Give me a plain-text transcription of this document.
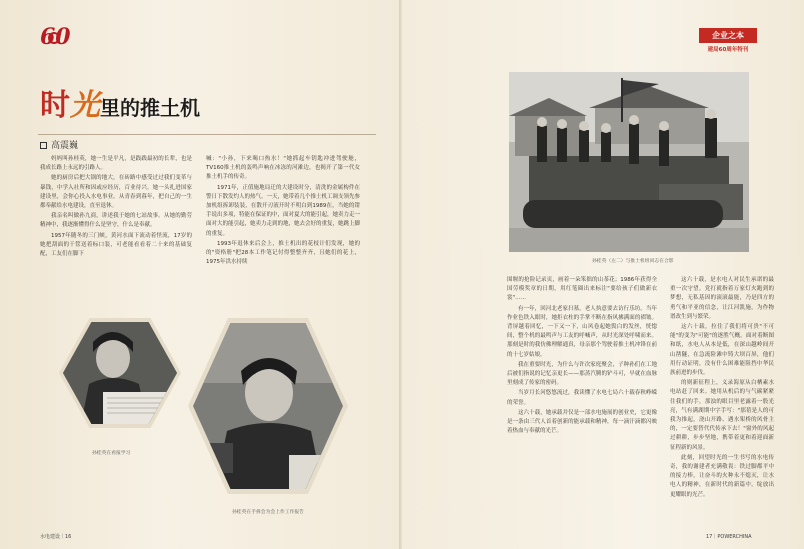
60
时光里的推土机
高震巍

妈妈叫孙桂英，她一生是平凡，是践践最初的长辈，也是我成长路上永远的引路人。

她的厨房后把大锅的地大，在砖路中感受过过我们变革与暴钱，中学入社所和因或应经历，百业待兴。她一头扎进国家建设里，会你心投入水电事业。从青春到暮年，把自己的一生都奉献给水电建设，直至退休。

我亲名叫做孙九商，讲述我于她的七站故事。从她的勤劳精神中，我逐渐懂得什么是坚守，什么是奉献。

1957年随冬的三门峡，黄河水面下流动着怪流，17岁的她把刮面的干筐送着标口装，可老能看看着二十来的基础复配，工友们在脚下

喊："小孙，下来喝口热水！"她抓起车钥匙冲进驾驶舱，TV160推土机的轰鸣声响在冰冻的河滩边，也揭开了第一代女推土机手的传奇。

1971年，正值施地局迁的大建设时分，清洗的金属构件在警日下散发灼人的热气。一天，她带着几个推土机工调支领先参加机组拆卸装装，在散开刃液开时不明白到1989在，当她的钳手说出多项，特能在保证的中，面对夏大的能引起，她卖力走一面对大的能引起，她卖力走到的地，她去会好的重复，她跳上脚的重复。

1993年退休来后会上，推土机出的花枝计们发现，她的的"资格册"把28本工作笔记付得整整齐齐，且她们的花上，1975年洪水持续

孙桂英在看报学习
孙桂英在手拆会为会上作工作报告
水电建设｜16	17｜POWERCHINA
企业之本
建局60周年特刊
孙桂英（左二）与推土机组同志在合影

围堰的抢险记录页，画着一朵笨拙的山茶花；1986年获得全国劳模奖章的日期，用红笔圈出来标注"要给孩子们做新衣裳"……

有一年，回河北老家扫墓，老人执意要去访行乐坊。当年作业色铁入眼时，她拒衣柱的手掌不断在指风拂满面的褶皱。背屏越着回忆，一下又一下，山风卷起她鬓白的发丝，恍惚间，整个机的最鸣声与工友的呼喊声，从时光深处呼啸而来。那刻是时的我仿佛理解通真，母亲那个驾驶着推土机冲锋在前的十七岁姑娘。

我在重要时光，为什么与许次家庭聚会，子种孙们在工地后被们指说的记忆亲更长——那蒸汽腾的铲斗可，早就在血脉里刻成了传家的密码。

当岁月长河悠悠流过，我读懂了水电七局六十载春秋峥嵘的荣誉。

这六十载，她承载并仅是一部水电施展的创业史，它更像是一条由三代人首着创新的能承载和精神，每一滴汗滴都闪映着热血与奉献的光芒。

这六十载，是水电人对民生承诺的最重一次守望。党打就指着万家灯火跑到的梦想，无私基因的滚滚最能，乃是四方的勇气和平亚的信念，让江河凯施，为作物谱改生到与繁荣。

这六十载，拉住了我们将可贵"不可能"的变为"可能"的逐胜气概。面对着断图和纸，水电人从本是低，在深山越岭间开山凿隧，在急流险滩中铸大坝百屏，他们用行动证明，没有什么困难能阻挡中华民族前进的步伐。

的则新征程上，义录海原从白栖素水电站赶了回来。她用从机后的与气碳紧紧住我们的手，那浊的眼目里老露着一股光亮，气有满湖期中字手写："那蓓是人的可我为推起，浇山开路、遇水架桥的风骨主的，一定要替代代传承下去！"窗外的风起过耕耕，步步坚地，携带着更和着迎面新征程新的风景。

此刻，回望时光的一生书写的水电传奇，我的谢建者充满敬畏：铁过脚都平中的接力棒，让奋斗的火种永不熄灭，让水电人的精神，在新时代的新篇中，绽放出更耀眼的光芒。
